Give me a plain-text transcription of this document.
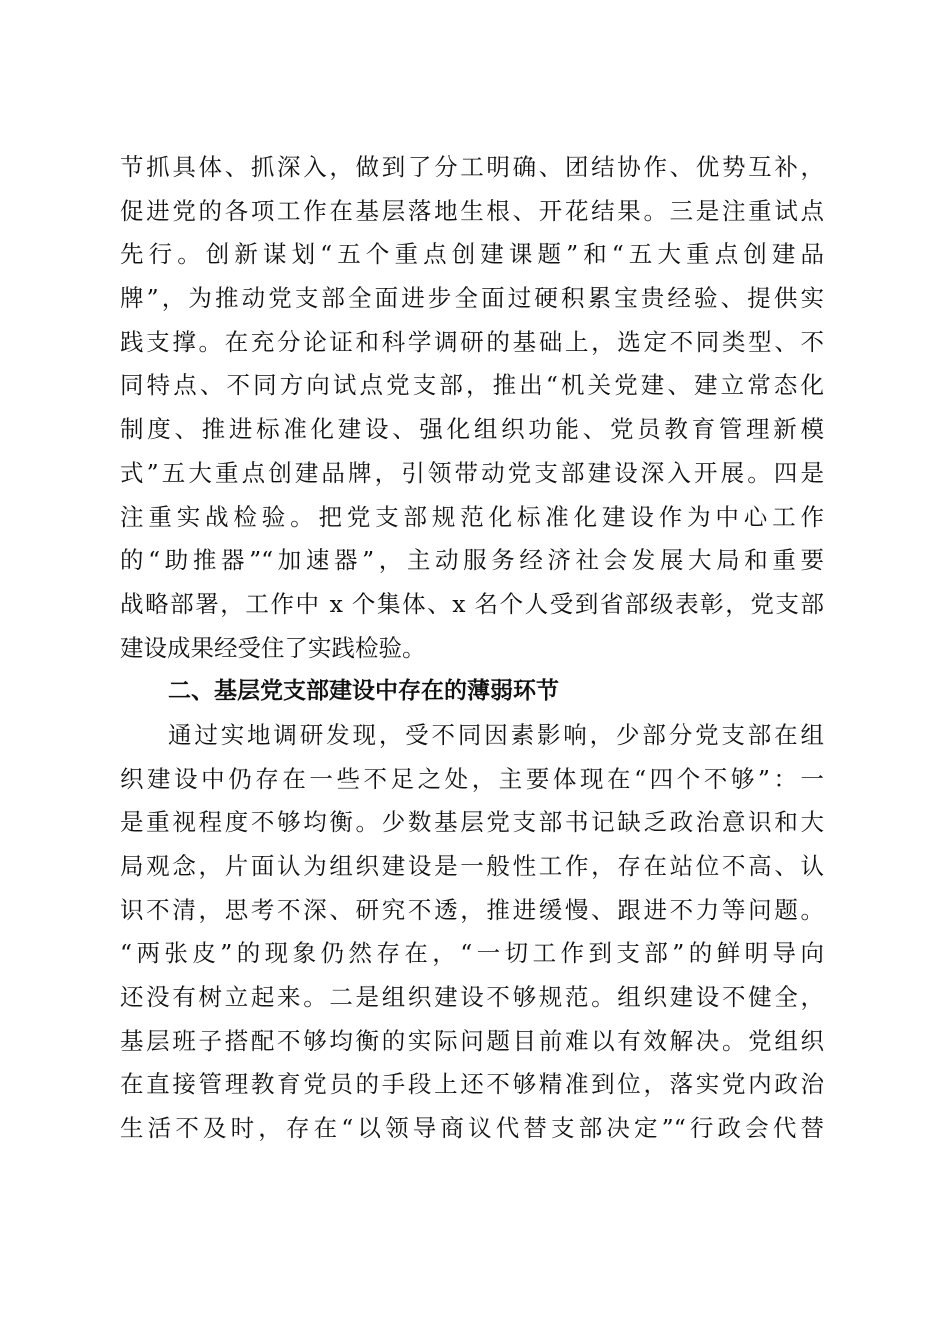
节抓具体、抓深入，做到了分工明确、团结协作、优势互补，
促进党的各项工作在基层落地生根、开花结果。三是注重试点
先行。创新谋划“五个重点创建课题”和“五大重点创建品
牌”，为推动党支部全面进步全面过硬积累宝贵经验、提供实
践支撑。在充分论证和科学调研的基础上，选定不同类型、不
同特点、不同方向试点党支部，推出“机关党建、建立常态化
制度、推进标准化建设、强化组织功能、党员教育管理新模
式”五大重点创建品牌，引领带动党支部建设深入开展。四是
注重实战检验。把党支部规范化标准化建设作为中心工作
的“助推器”“加速器”，主动服务经济社会发展大局和重要
战略部署，工作中 x 个集体、x 名个人受到省部级表彰，党支部
建设成果经受住了实践检验。
二、基层党支部建设中存在的薄弱环节
通过实地调研发现，受不同因素影响，少部分党支部在组
织建设中仍存在一些不足之处，主要体现在“四个不够”：一
是重视程度不够均衡。少数基层党支部书记缺乏政治意识和大
局观念，片面认为组织建设是一般性工作，存在站位不高、认
识不清，思考不深、研究不透，推进缓慢、跟进不力等问题。
“两张皮”的现象仍然存在，“一切工作到支部”的鲜明导向
还没有树立起来。二是组织建设不够规范。组织建设不健全，
基层班子搭配不够均衡的实际问题目前难以有效解决。党组织
在直接管理教育党员的手段上还不够精准到位，落实党内政治
生活不及时，存在“以领导商议代替支部决定”“行政会代替
